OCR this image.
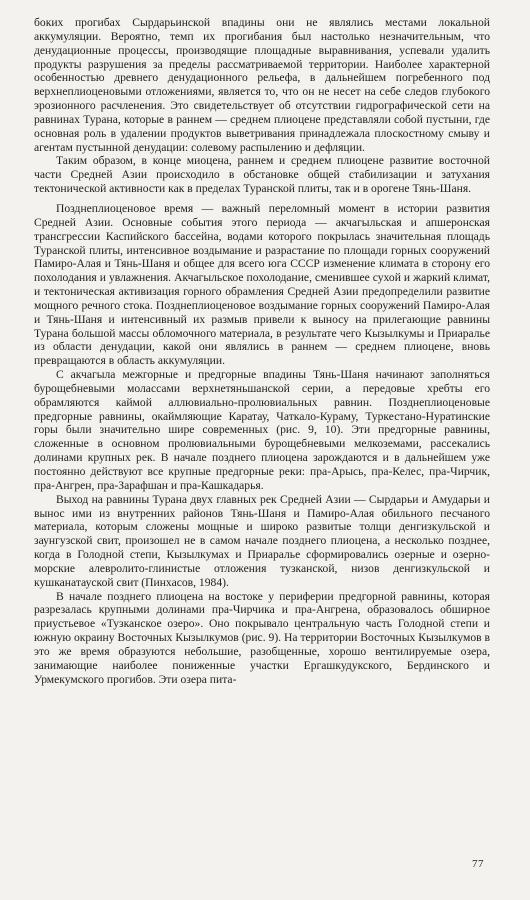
боких прогибах Сырдарьинской впадины они не являлись местами локальной аккумуляции. Вероятно, темп их прогибания был настолько незначительным, что денудационные процессы, производящие площадные выравнивания, успевали удалить продукты разрушения за пределы рассматриваемой территории. Наиболее характерной особенностью древнего денудационного рельефа, в дальнейшем погребенного под верхнеплиоценовыми отложениями, является то, что он не несет на себе следов глубокого эрозионного расчленения. Это свидетельствует об отсутствии гидрографической сети на равнинах Турана, которые в раннем — среднем плиоцене представляли собой пустыни, где основная роль в удалении продуктов выветривания принадлежала плоскостному смыву и агентам пустынной денудации: солевому распылению и дефляции.

Таким образом, в конце миоцена, раннем и среднем плиоцене развитие восточной части Средней Азии происходило в обстановке общей стабилизации и затухания тектонической активности как в пределах Туранской плиты, так и в орогене Тянь-Шаня.

Позднеплиоценовое время — важный переломный момент в истории развития Средней Азии. Основные события этого периода — акчагыльская и апшеронская трансгрессии Каспийского бассейна, водами которого покрылась значительная площадь Туранской плиты, интенсивное воздымание и разрастание по площади горных сооружений Памиро-Алая и Тянь-Шаня и общее для всего юга СССР изменение климата в сторону его похолодания и увлажнения. Акчагыльское похолодание, сменившее сухой и жаркий климат, и тектоническая активизация горного обрамления Средней Азии предопределили развитие мощного речного стока. Позднеплиоценовое воздымание горных сооружений Памиро-Алая и Тянь-Шаня и интенсивный их размыв привели к выносу на прилегающие равнины Турана большой массы обломочного материала, в результате чего Кызылкумы и Приаралье из области денудации, какой они являлись в раннем — среднем плиоцене, вновь превращаются в область аккумуляции.

С акчагыла межгорные и предгорные впадины Тянь-Шаня начинают заполняться бурощебневыми молассами верхнетяньшанской серии, а передовые хребты его обрамляются каймой аллювиально-пролювиальных равнин. Позднеплиоценовые предгорные равнины, окаймляющие Каратау, Чаткало-Кураму, Туркестано-Нуратинские горы были значительно шире современных (рис. 9, 10). Эти предгорные равнины, сложенные в основном пролювиальными бурощебневыми мелкоземами, рассекались долинами крупных рек. В начале позднего плиоцена зарождаются и в дальнейшем уже постоянно действуют все крупные предгорные реки: пра-Арысь, пра-Келес, пра-Чирчик, пра-Ангрен, пра-Зарафшан и пра-Кашкадарья.

Выход на равнины Турана двух главных рек Средней Азии — Сырдарьи и Амударьи и вынос ими из внутренних районов Тянь-Шаня и Памиро-Алая обильного песчаного материала, которым сложены мощные и широко развитые толщи денгизкульской и заунгузской свит, произошел не в самом начале позднего плиоцена, а несколько позднее, когда в Голодной степи, Кызылкумах и Приаралье сформировались озерные и озерно-морские алевролито-глинистые отложения тузканской, низов денгизкульской и кушканатауской свит (Пинхасов, 1984).

В начале позднего плиоцена на востоке у периферии предгорной равнины, которая разрезалась крупными долинами пра-Чирчика и пра-Ангрена, образовалось обширное приустьевое «Тузканское озеро». Оно покрывало центральную часть Голодной степи и южную окраину Восточных Кызылкумов (рис. 9). На территории Восточных Кызылкумов в это же время образуются небольшие, разобщенные, хорошо вентилируемые озера, занимающие наиболее пониженные участки Ергашкудукского, Бердинского и Урмекумского прогибов. Эти озера пита-

77
